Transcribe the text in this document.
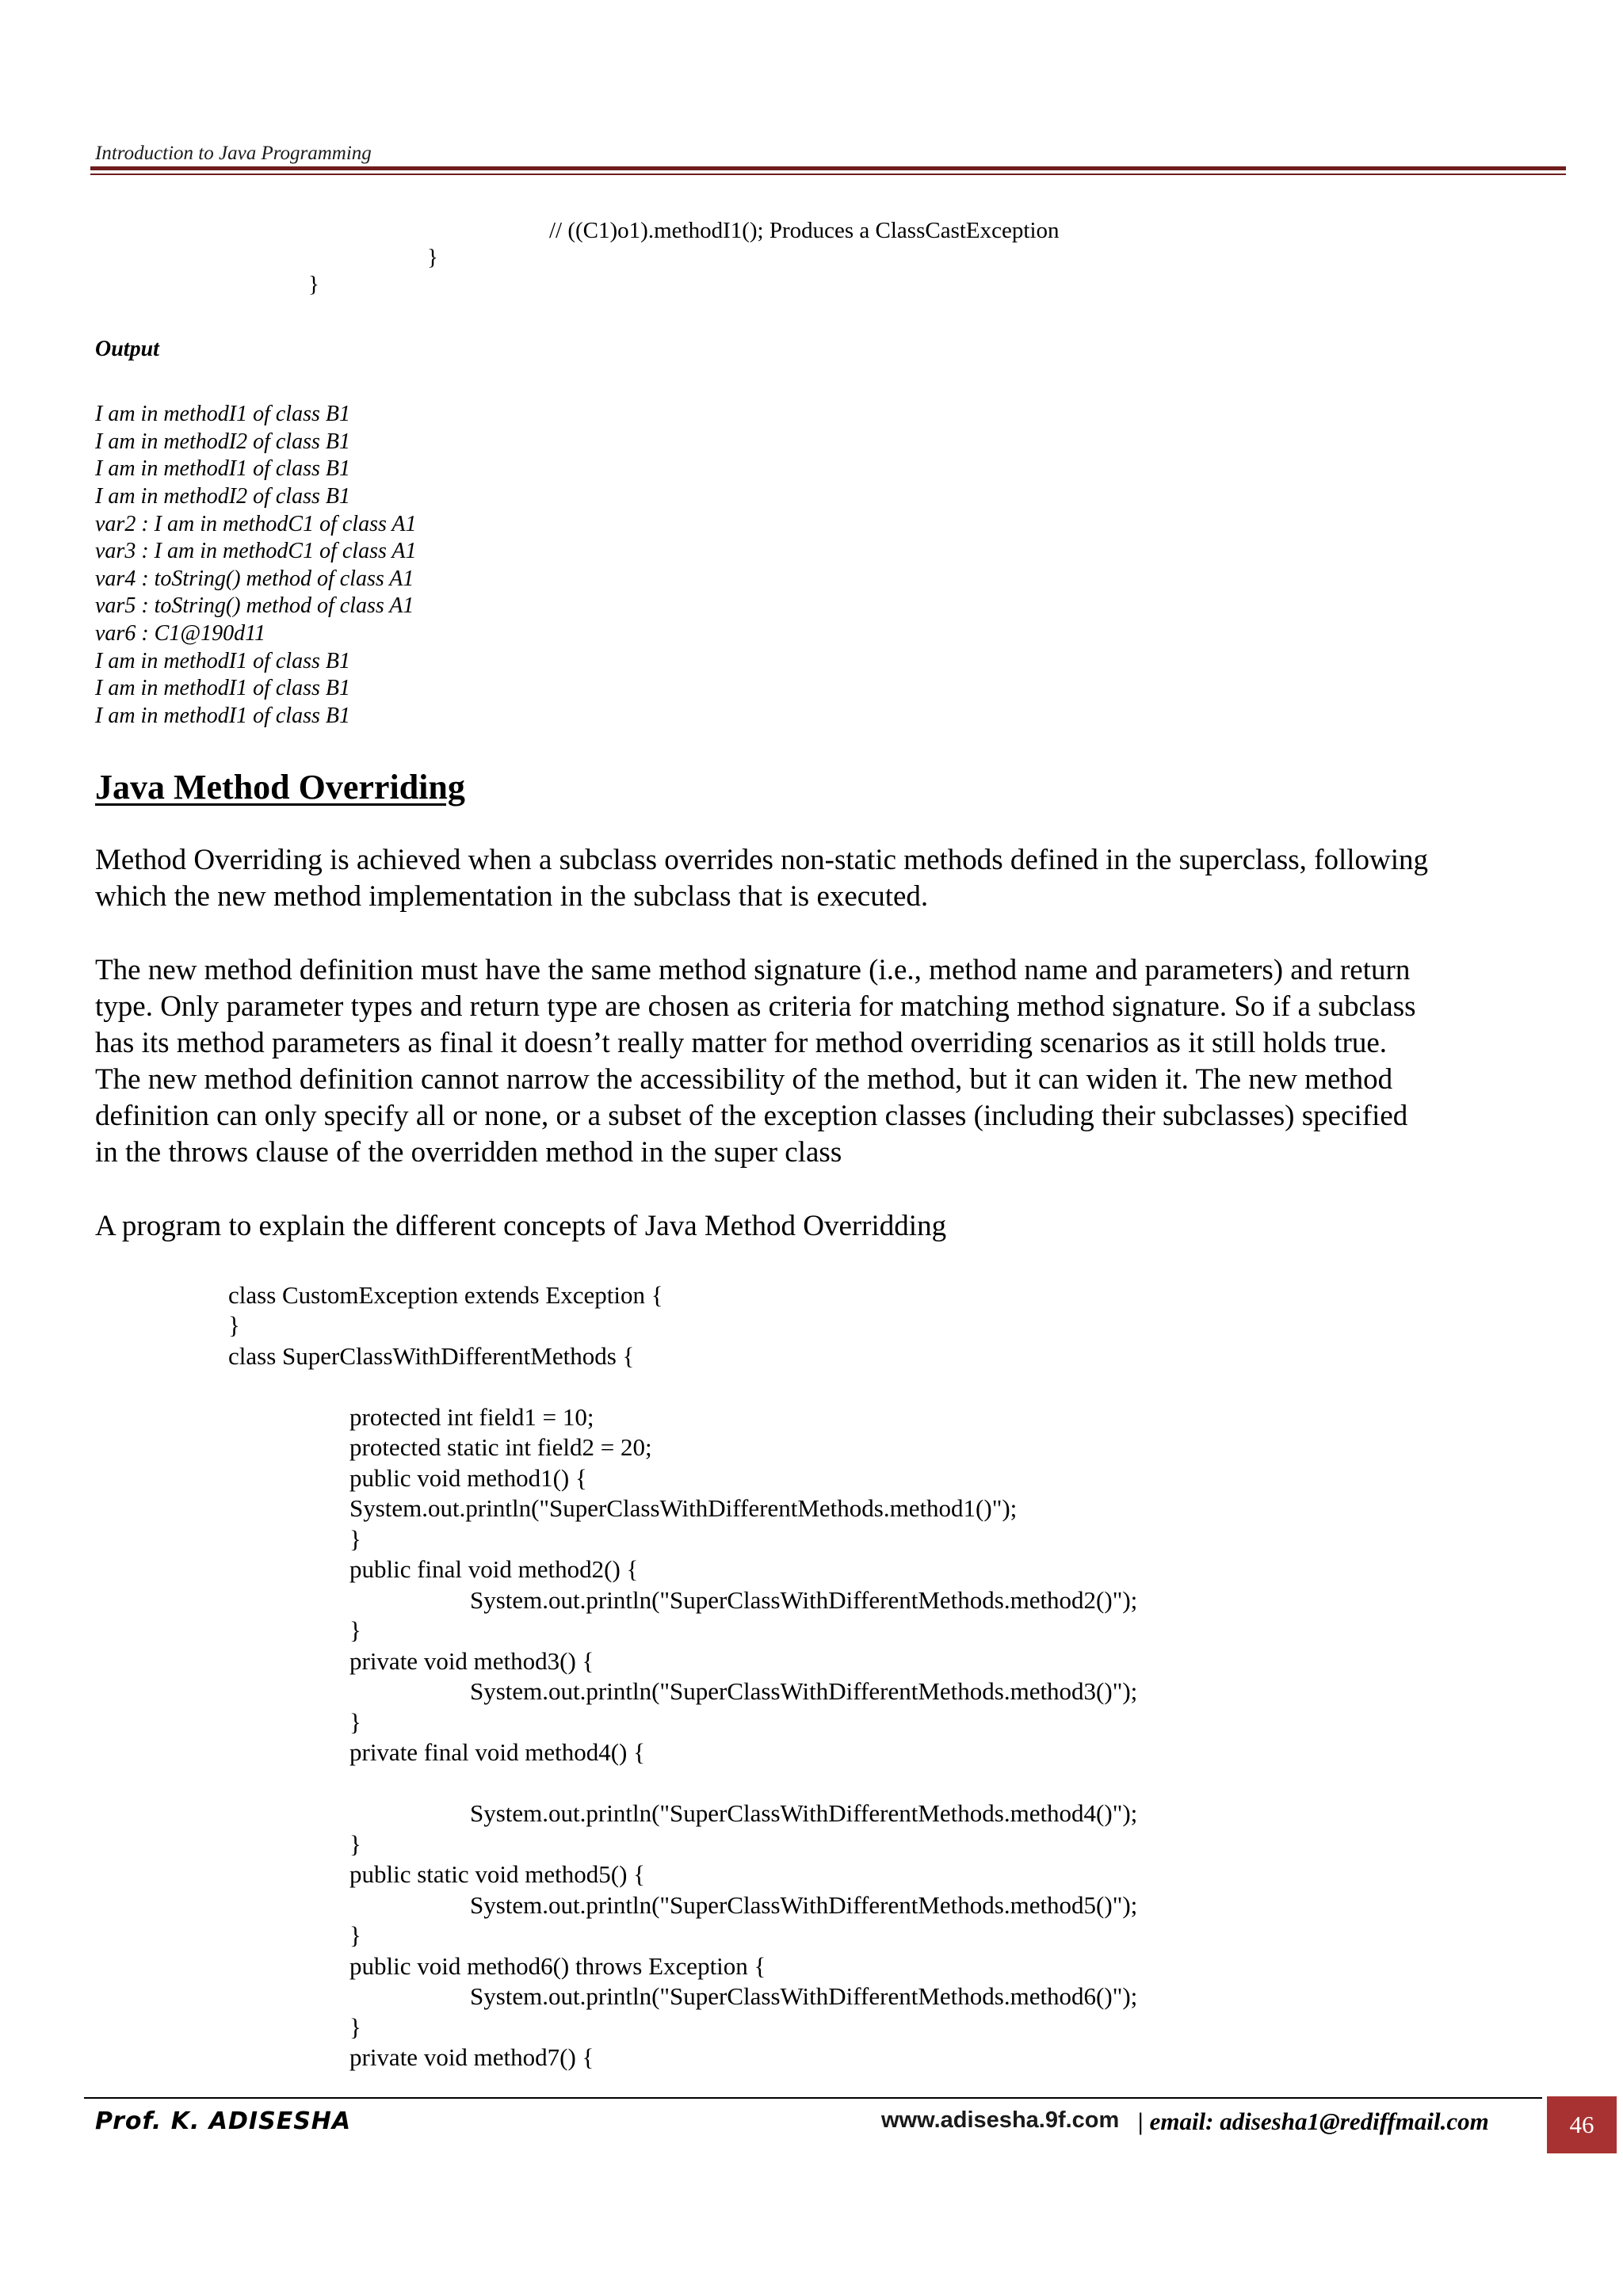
Introduction to Java Programming
// ((C1)o1).methodI1(); Produces a ClassCastException
}
}
Output
I am in methodI1 of class B1
I am in methodI2 of class B1
I am in methodI1 of class B1
I am in methodI2 of class B1
var2 : I am in methodC1 of class A1
var3 : I am in methodC1 of class A1
var4 : toString() method of class A1
var5 : toString() method of class A1
var6 : C1@190d11
I am in methodI1 of class B1
I am in methodI1 of class B1
I am in methodI1 of class B1
Java Method Overriding
Method Overriding is achieved when a subclass overrides non-static methods defined in the superclass, following
which the new method implementation in the subclass that is executed.
The new method definition must have the same method signature (i.e., method name and parameters) and return
type. Only parameter types and return type are chosen as criteria for matching method signature. So if a subclass
has its method parameters as final it doesn’t really matter for method overriding scenarios as it still holds true.
The new method definition cannot narrow the accessibility of the method, but it can widen it. The new method
definition can only specify all or none, or a subset of the exception classes (including their subclasses) specified
in the throws clause of the overridden method in the super class
A program to explain the different concepts of Java Method Overridding
class CustomException extends Exception {
}
class SuperClassWithDifferentMethods {
protected int field1 = 10;
protected static int field2 = 20;
public void method1() {
System.out.println("SuperClassWithDifferentMethods.method1()");
}
public final void method2() {
System.out.println("SuperClassWithDifferentMethods.method2()");
}
private void method3() {
System.out.println("SuperClassWithDifferentMethods.method3()");
}
private final void method4() {
System.out.println("SuperClassWithDifferentMethods.method4()");
}
public static void method5() {
System.out.println("SuperClassWithDifferentMethods.method5()");
}
public void method6() throws Exception {
System.out.println("SuperClassWithDifferentMethods.method6()");
}
private void method7() {
Prof. K. ADISESHA	www.adisesha.9f.com | email: adisesha1@rediffmail.com	46
